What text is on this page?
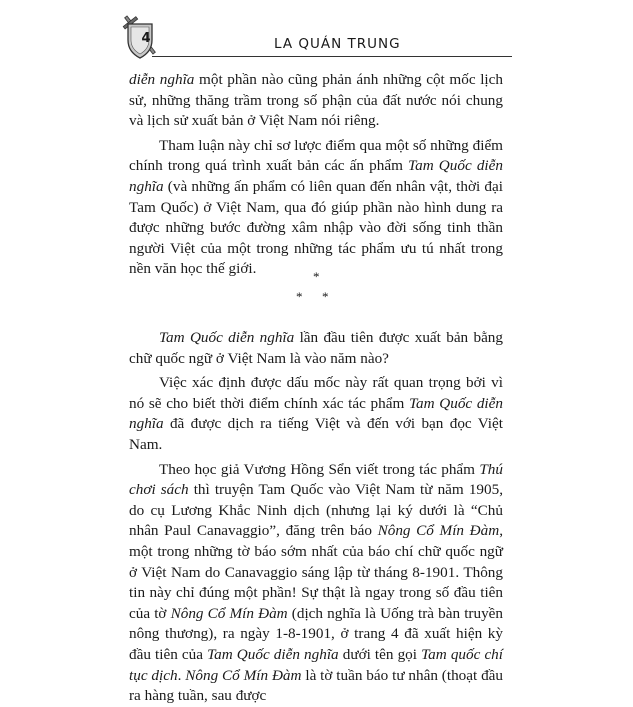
4	LA QUÁN TRUNG

diễn nghĩa một phần nào cũng phản ánh những cột mốc lịch sử, những thăng trầm trong số phận của đất nước nói chung và lịch sử xuất bản ở Việt Nam nói riêng.

Tham luận này chỉ sơ lược điểm qua một số những điểm chính trong quá trình xuất bản các ấn phẩm Tam Quốc diễn nghĩa (và những ấn phẩm có liên quan đến nhân vật, thời đại Tam Quốc) ở Việt Nam, qua đó giúp phần nào hình dung ra được những bước đường xâm nhập vào đời sống tinh thần người Việt của một trong những tác phẩm ưu tú nhất trong nền văn học thế giới.	*
* *

Tam Quốc diễn nghĩa lần đầu tiên được xuất bản bằng chữ quốc ngữ ở Việt Nam là vào năm nào?

Việc xác định được dấu mốc này rất quan trọng bởi vì nó sẽ cho biết thời điểm chính xác tác phẩm Tam Quốc diễn nghĩa đã được dịch ra tiếng Việt và đến với bạn đọc Việt Nam.

Theo học giả Vương Hồng Sển viết trong tác phẩm Thú chơi sách thì truyện Tam Quốc vào Việt Nam từ năm 1905, do cụ Lương Khắc Ninh dịch (nhưng lại ký dưới là “Chủ nhân Paul Canavaggio”, đăng trên báo Nông Cổ Mín Đàm, một trong những tờ báo sớm nhất của báo chí chữ quốc ngữ ở Việt Nam do Canavaggio sáng lập từ tháng 8-1901. Thông tin này chỉ đúng một phần! Sự thật là ngay trong số đầu tiên của tờ Nông Cổ Mín Đàm (dịch nghĩa là Uống trà bàn truyền nông thương), ra ngày 1-8-1901, ở trang 4 đã xuất hiện kỳ đầu tiên của Tam Quốc diễn nghĩa dưới tên gọi Tam quốc chí tục dịch. Nông Cổ Mín Đàm là tờ tuần báo tư nhân (thoạt đầu ra hàng tuần, sau được
